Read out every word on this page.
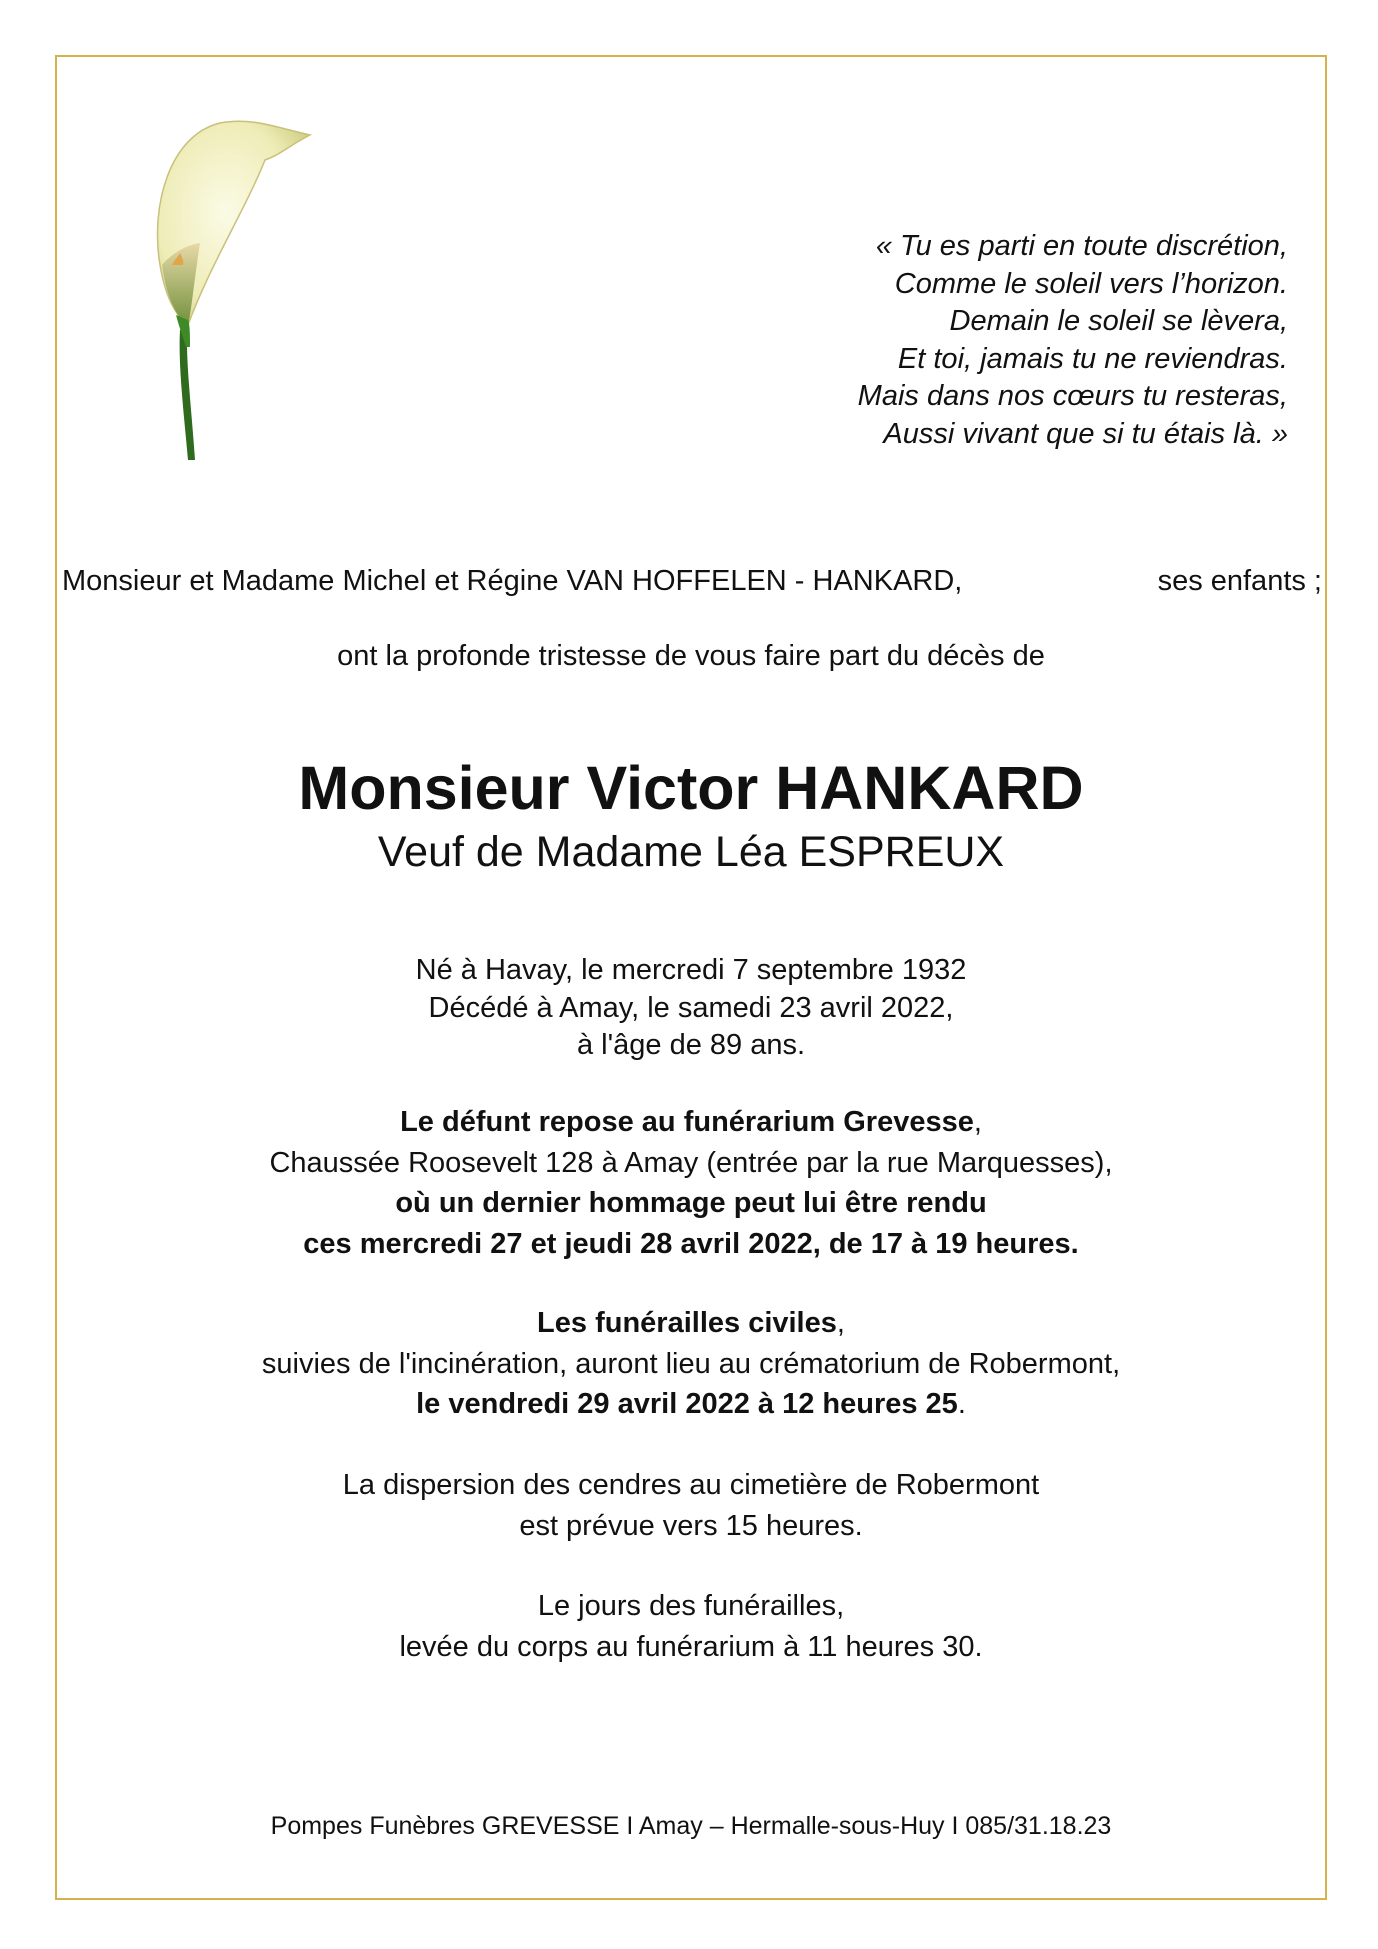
« Tu es parti en toute discrétion,
Comme le soleil vers l’horizon.
Demain le soleil se lèvera,
Et toi, jamais tu ne reviendras.
Mais dans nos cœurs tu resteras,
Aussi vivant que si tu étais là. »
Monsieur et Madame Michel et Régine VAN HOFFELEN - HANKARD,	ses enfants ;
ont la profonde tristesse de vous faire part du décès de
Monsieur Victor HANKARD
Veuf de Madame Léa ESPREUX
Né à Havay, le mercredi 7 septembre 1932
Décédé à Amay, le samedi 23 avril 2022,
à l'âge de 89 ans.
Le défunt repose au funérarium Grevesse,
Chaussée Roosevelt 128 à Amay (entrée par la rue Marquesses),
où un dernier hommage peut lui être rendu
ces mercredi 27 et jeudi 28 avril 2022, de 17 à 19 heures.
Les funérailles civiles,
suivies de l'incinération, auront lieu au crématorium de Robermont,
le vendredi 29 avril 2022 à 12 heures 25.
La dispersion des cendres au cimetière de Robermont
est prévue vers 15 heures.
Le jours des funérailles,
levée du corps au funérarium à 11 heures 30.
Pompes Funèbres GREVESSE I Amay – Hermalle-sous-Huy I 085/31.18.23
